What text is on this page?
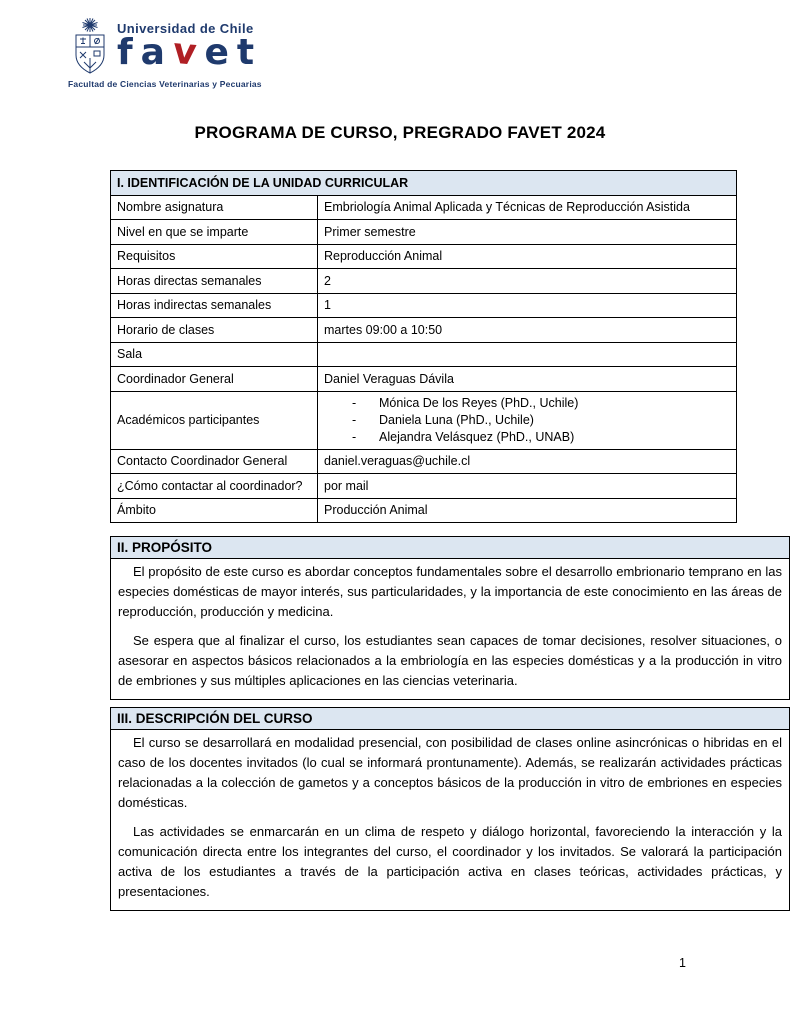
Universidad de Chile
favet
Facultad de Ciencias Veterinarias y Pecuarias
PROGRAMA DE CURSO, PREGRADO FAVET 2024
I. IDENTIFICACIÓN DE LA UNIDAD CURRICULAR	
Nombre asignatura	Embriología Animal Aplicada y Técnicas de Reproducción Asistida
Nivel en que se imparte	Primer semestre
Requisitos	Reproducción Animal
Horas directas semanales	2
Horas indirectas semanales	1
Horario de clases	martes 09:00 a 10:50
Sala	
Coordinador General	Daniel Veraguas Dávila
Académicos participantes	
-	Mónica De los Reyes (PhD., Uchile)
-	Daniela Luna (PhD., Uchile)
-	Alejandra Velásquez (PhD., UNAB)

Contacto Coordinador General	daniel.veraguas@uchile.cl
¿Cómo contactar al coordinador?	por mail
Ámbito	Producción Animal
II. PROPÓSITO

El propósito de este curso es abordar conceptos fundamentales sobre el desarrollo embrionario temprano en las especies domésticas de mayor interés, sus particularidades, y la importancia de este conocimiento en las áreas de reproducción, producción y medicina.

Se espera que al finalizar el curso, los estudiantes sean capaces de tomar decisiones, resolver situaciones, o asesorar en aspectos básicos relacionados a la embriología en las especies domésticas y a la producción in vitro de embriones y sus múltiples aplicaciones en las ciencias veterinaria.

III. DESCRIPCIÓN DEL CURSO

El curso se desarrollará en modalidad presencial, con posibilidad de clases online asincrónicas o hibridas en el caso de los docentes invitados (lo cual se informará prontunamente). Además, se realizarán actividades prácticas relacionadas a la colección de gametos y a conceptos básicos de la producción in vitro de embriones en especies domésticas.

Las actividades se enmarcarán en un clima de respeto y diálogo horizontal, favoreciendo la interacción y la comunicación directa entre los integrantes del curso, el coordinador y los invitados. Se valorará la participación activa de los estudiantes a través de la participación activa en clases teóricas, actividades prácticas, y presentaciones.

1
